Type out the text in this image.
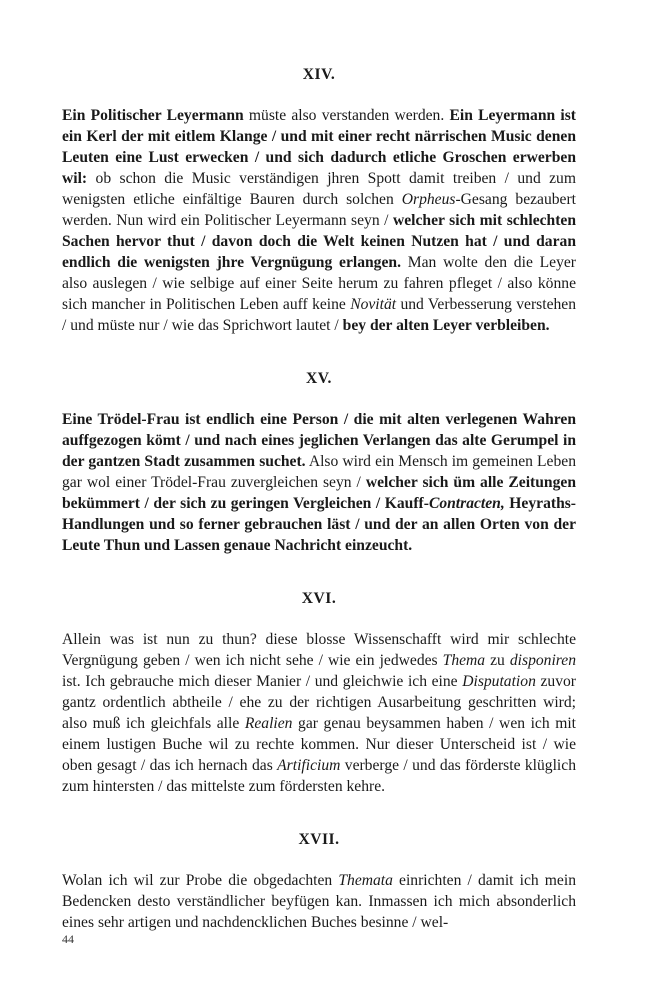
XIV.

Ein Politischer Leyermann müste also verstanden werden. Ein Leyermann ist ein Kerl der mit eitlem Klange / und mit einer recht närrischen Music denen Leuten eine Lust erwecken / und sich dadurch etliche Groschen erwerben wil: ob schon die Music verständigen jhren Spott damit treiben / und zum wenigsten etliche einfältige Bauren durch solchen Orpheus-Gesang bezaubert werden. Nun wird ein Politischer Leyermann seyn / welcher sich mit schlechten Sachen hervor thut / davon doch die Welt keinen Nutzen hat / und daran endlich die wenigsten jhre Vergnügung erlangen. Man wolte den die Leyer also auslegen / wie selbige auf einer Seite herum zu fahren pfleget / also könne sich mancher in Politischen Leben auff keine Novität und Verbesserung verstehen / und müste nur / wie das Sprichwort lautet / bey der alten Leyer verbleiben.

XV.

Eine Trödel-Frau ist endlich eine Person / die mit alten verlegenen Wahren auffgezogen kömt / und nach eines jeglichen Verlangen das alte Gerumpel in der gantzen Stadt zusammen suchet. Also wird ein Mensch im gemeinen Leben gar wol einer Trödel-Frau zuvergleichen seyn / welcher sich üm alle Zeitungen bekümmert / der sich zu geringen Vergleichen / Kauff-Contracten, Heyraths-Handlungen und so ferner gebrauchen läst / und der an allen Orten von der Leute Thun und Lassen genaue Nachricht einzeucht.

XVI.

Allein was ist nun zu thun? diese blosse Wissenschafft wird mir schlechte Vergnügung geben / wen ich nicht sehe / wie ein jedwedes Thema zu disponiren ist. Ich gebrauche mich dieser Manier / und gleichwie ich eine Disputation zuvor gantz ordentlich abtheile / ehe zu der richtigen Ausarbeitung geschritten wird; also muß ich gleichfals alle Realien gar genau beysammen haben / wen ich mit einem lustigen Buche wil zu rechte kommen. Nur dieser Unterscheid ist / wie oben gesagt / das ich hernach das Artificium verberge / und das förderste klüglich zum hintersten / das mittelste zum fördersten kehre.

XVII.

Wolan ich wil zur Probe die obgedachten Themata einrichten / damit ich mein Bedencken desto verständlicher beyfügen kan. Inmassen ich mich absonderlich eines sehr artigen und nachdencklichen Buches besinne / wel-

44
